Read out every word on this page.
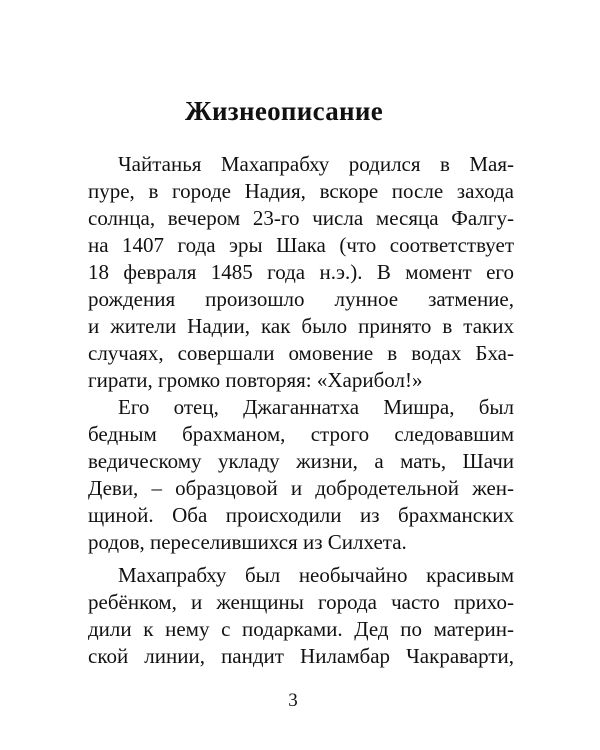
Жизнеописание
Чайтанья Махапрабху родился в Мая-
пуре, в городе Надия, вскоре после захода
солнца, вечером 23-го числа месяца Фалгу-
на 1407 года эры Шака (что соответствует
18 февраля 1485 года н.э.). В момент его
рождения произошло лунное затмение,
и жители Надии, как было принято в таких
случаях, совершали омовение в водах Бха-
гирати, громко повторяя: «Харибол!»
Его отец, Джаганнатха Мишра, был
бедным брахманом, строго следовавшим
ведическому укладу жизни, а мать, Шачи
Деви, – образцовой и добродетельной жен-
щиной. Оба происходили из брахманских
родов, переселившихся из Силхета.
Махапрабху был необычайно красивым
ребёнком, и женщины города часто прихо-
дили к нему с подарками. Дед по материн-
ской линии, пандит Ниламбар Чакраварти,
3
